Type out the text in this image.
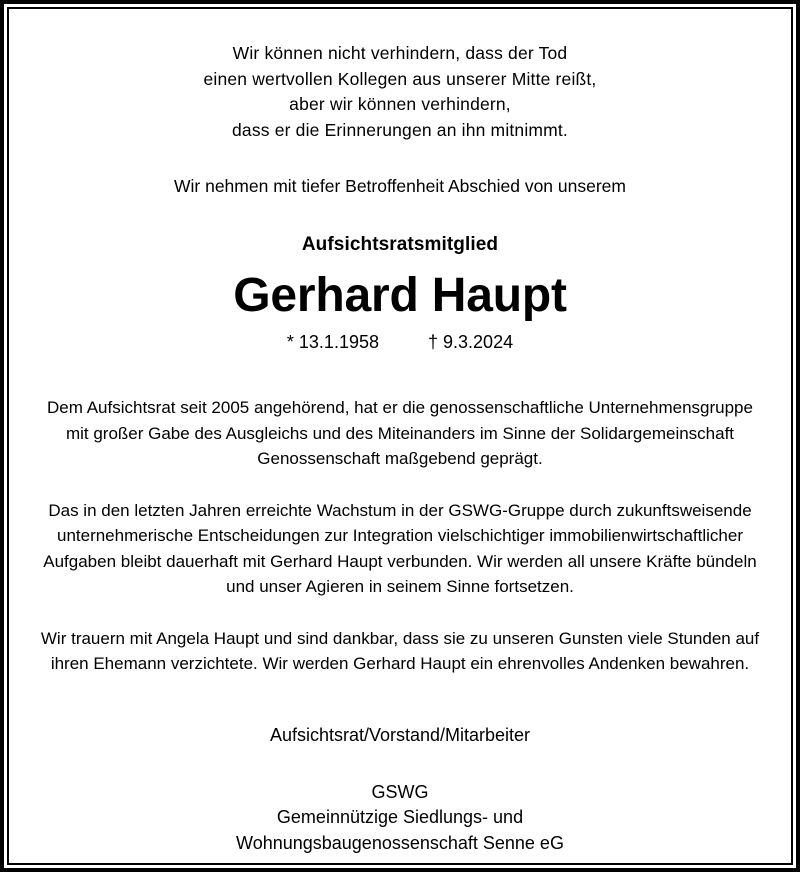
Wir können nicht verhindern, dass der Tod
einen wertvollen Kollegen aus unserer Mitte reißt,
aber wir können verhindern,
dass er die Erinnerungen an ihn mitnimmt.

Wir nehmen mit tiefer Betroffenheit Abschied von unserem

Aufsichtsratsmitglied

Gerhard Haupt

* 13.1.1958	† 9.3.2024

Dem Aufsichtsrat seit 2005 angehörend, hat er die genossenschaftliche Unternehmensgruppe mit großer Gabe des Ausgleichs und des Miteinanders im Sinne der Solidargemeinschaft Genossenschaft maßgebend geprägt.

Das in den letzten Jahren erreichte Wachstum in der GSWG-Gruppe durch zukunftsweisende unternehmerische Entscheidungen zur Integration vielschichtiger immobilienwirtschaftlicher Aufgaben bleibt dauerhaft mit Gerhard Haupt verbunden. Wir werden all unsere Kräfte bündeln und unser Agieren in seinem Sinne fortsetzen.

Wir trauern mit Angela Haupt und sind dankbar, dass sie zu unseren Gunsten viele Stunden auf ihren Ehemann verzichtete. Wir werden Gerhard Haupt ein ehrenvolles Andenken bewahren.

Aufsichtsrat/Vorstand/Mitarbeiter

GSWG
Gemeinnützige Siedlungs- und
Wohnungsbaugenossenschaft Senne eG
